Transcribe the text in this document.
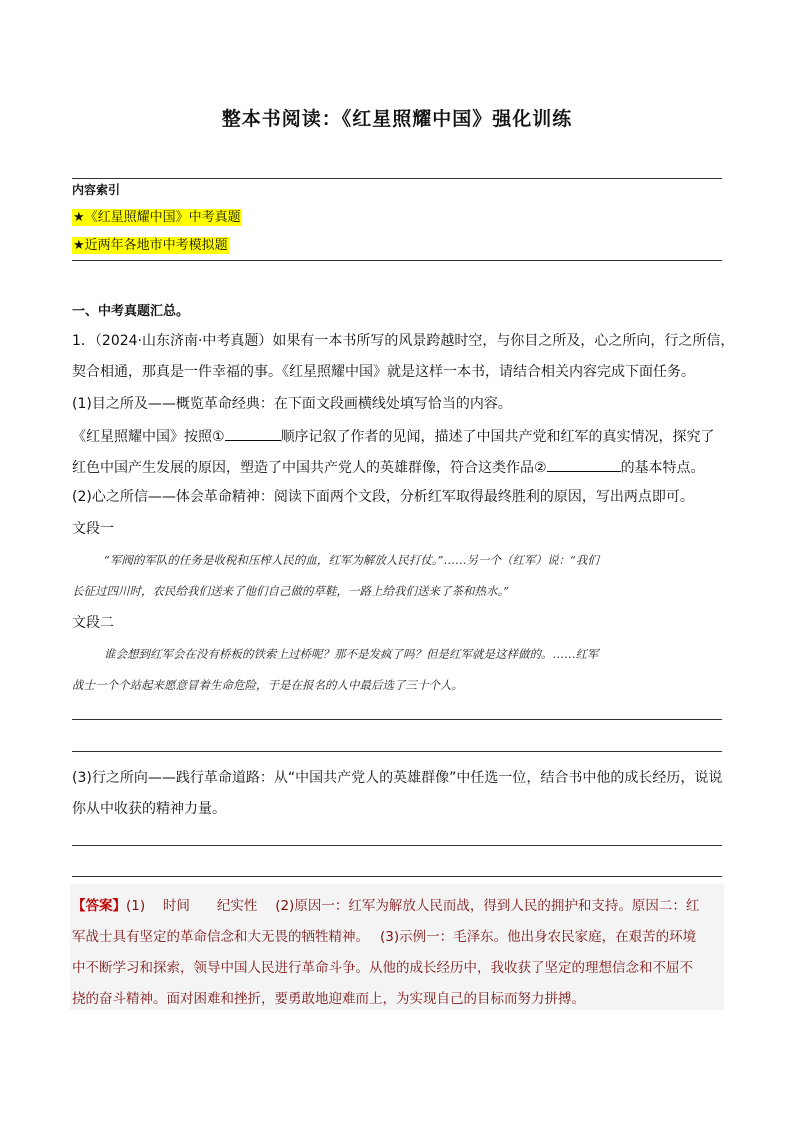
整本书阅读：《红星照耀中国》强化训练
内容索引
★《红星照耀中国》中考真题
★近两年各地市中考模拟题
一、中考真题汇总。
1．（2024·山东济南·中考真题）如果有一本书所写的风景跨越时空，与你目之所及，心之所向，行之所信，
契合相通，那真是一件幸福的事。《红星照耀中国》就是这样一本书，请结合相关内容完成下面任务。
(1)目之所及——概览革命经典：在下面文段画横线处填写恰当的内容。
《红星照耀中国》按照①	顺序记叙了作者的见闻，描述了中国共产党和红军的真实情况，探究了
红色中国产生发展的原因，塑造了中国共产党人的英雄群像，符合这类作品②	的基本特点。
(2)心之所信——体会革命精神：阅读下面两个文段，分析红军取得最终胜利的原因，写出两点即可。
文段一
“军阀的军队的任务是收税和压榨人民的血，红军为解放人民打仗。”……另一个（红军）说：“我们
长征过四川时，农民给我们送来了他们自己做的草鞋，一路上给我们送来了茶和热水。”
文段二
谁会想到红军会在没有桥板的铁索上过桥呢？那不是发疯了吗？但是红军就是这样做的。……红军
战士一个个站起来愿意冒着生命危险，于是在报名的人中最后选了三十个人。
(3)行之所向——践行革命道路：从“中国共产党人的英雄群像”中任选一位，结合书中他的成长经历，说说
你从中收获的精神力量。
【答案】(1)　 时间　　纪实性　 (2)原因一：红军为解放人民而战，得到人民的拥护和支持。原因二：红
军战士具有坚定的革命信念和大无畏的牺牲精神。　 (3)示例一：毛泽东。他出身农民家庭，在艰苦的环境
中不断学习和探索，领导中国人民进行革命斗争。从他的成长经历中，我收获了坚定的理想信念和不屈不
挠的奋斗精神。面对困难和挫折，要勇敢地迎难而上，为实现自己的目标而努力拼搏。
